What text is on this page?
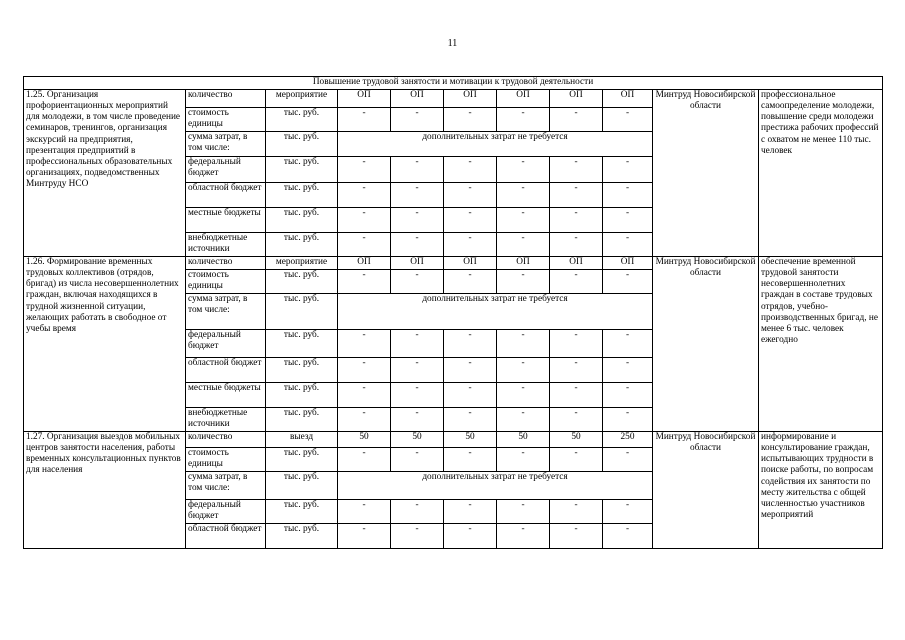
11
Повышение трудовой занятости и мотивации к трудовой деятельности										
1.25. Организация профориентационных мероприятий для молодежи, в том числе проведение семинаров, тренингов, организация экскурсий на предприятия, презентация предприятий в профессиональных образовательных организациях, подведомственных Минтруду НСО	количество	мероприятие	ОП	ОП	ОП	ОП	ОП	ОП	Минтруд Новосибирской области	профессиональное самоопределение молодежи, повышение среди молодежи престижа рабочих профессий с охватом не менее 110 тыс. человек
	стоимость единицы	тыс. руб.	-	-	-	-	-	-		
	сумма затрат, в том числе:	тыс. руб.	дополнительных затрат не требуется							
	федеральный бюджет	тыс. руб.	-	-	-	-	-	-		
	областной бюджет	тыс. руб.	-	-	-	-	-	-		
	местные бюджеты	тыс. руб.	-	-	-	-	-	-		
	внебюджетные источники	тыс. руб.	-	-	-	-	-	-		
1.26. Формирование временных трудовых коллективов (отрядов, бригад) из числа несовершеннолетних граждан, включая находящихся в трудной жизненной ситуации, желающих работать в свободное от учебы время	количество	мероприятие	ОП	ОП	ОП	ОП	ОП	ОП	Минтруд Новосибирской области	обеспечение временной трудовой занятости несовершеннолетних граждан в составе трудовых отрядов, учебно-производственных бригад, не менее 6 тыс. человек ежегодно
	стоимость единицы	тыс. руб.	-	-	-	-	-	-		
	сумма затрат, в том числе:	тыс. руб.	дополнительных затрат не требуется							
	федеральный бюджет	тыс. руб.	-	-	-	-	-	-		
	областной бюджет	тыс. руб.	-	-	-	-	-	-		
	местные бюджеты	тыс. руб.	-	-	-	-	-	-		
	внебюджетные источники	тыс. руб.	-	-	-	-	-	-		
1.27. Организация выездов мобильных центров занятости населения, работы временных консультационных пунктов для населения	количество	выезд	50	50	50	50	50	250	Минтруд Новосибирской области	информирование и консультирование граждан, испытывающих трудности в поиске работы, по вопросам содействия их занятости по месту жительства с общей численностью участников мероприятий
	стоимость единицы	тыс. руб.	-	-	-	-	-	-		
	сумма затрат, в том числе:	тыс. руб.	дополнительных затрат не требуется							
	федеральный бюджет	тыс. руб.	-	-	-	-	-	-		
	областной бюджет	тыс. руб.	-	-	-	-	-	-		
